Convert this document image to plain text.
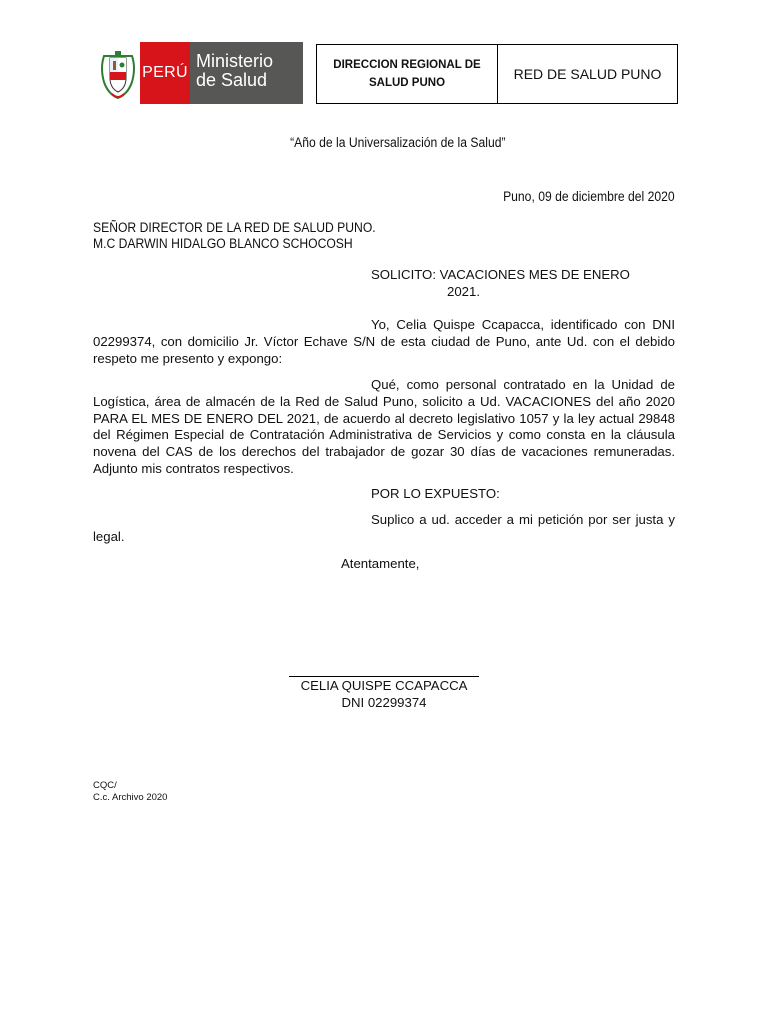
PERÚ
Ministerio
de Salud
DIRECCION REGIONAL DE SALUD PUNO
RED DE SALUD PUNO
“Año de la Universalización de la Salud”
Puno, 09 de diciembre del 2020
SEÑOR DIRECTOR DE LA RED DE SALUD PUNO.
M.C DARWIN HIDALGO BLANCO SCHOCOSH
SOLICITO: VACACIONES MES DE ENERO
2021.
Yo, Celia Quispe Ccapacca, identificado con DNI 02299374, con domicilio Jr. Víctor Echave S/N de esta ciudad de Puno, ante Ud. con el debido respeto me presento y expongo:
Qué, como personal contratado en la Unidad de Logística, área de almacén de la Red de Salud Puno, solicito a Ud. VACACIONES del año 2020 PARA EL MES DE ENERO DEL 2021, de acuerdo al decreto legislativo 1057 y la ley actual 29848 del Régimen Especial de Contratación Administrativa de Servicios y como consta en la cláusula novena del CAS de los derechos del trabajador de gozar 30 días de vacaciones remuneradas. Adjunto mis contratos respectivos.
POR LO EXPUESTO:
Suplico a ud. acceder a mi petición por ser justa y legal.
Atentamente,
CELIA QUISPE CCAPACCA
DNI 02299374
CQC/
C.c. Archivo 2020
